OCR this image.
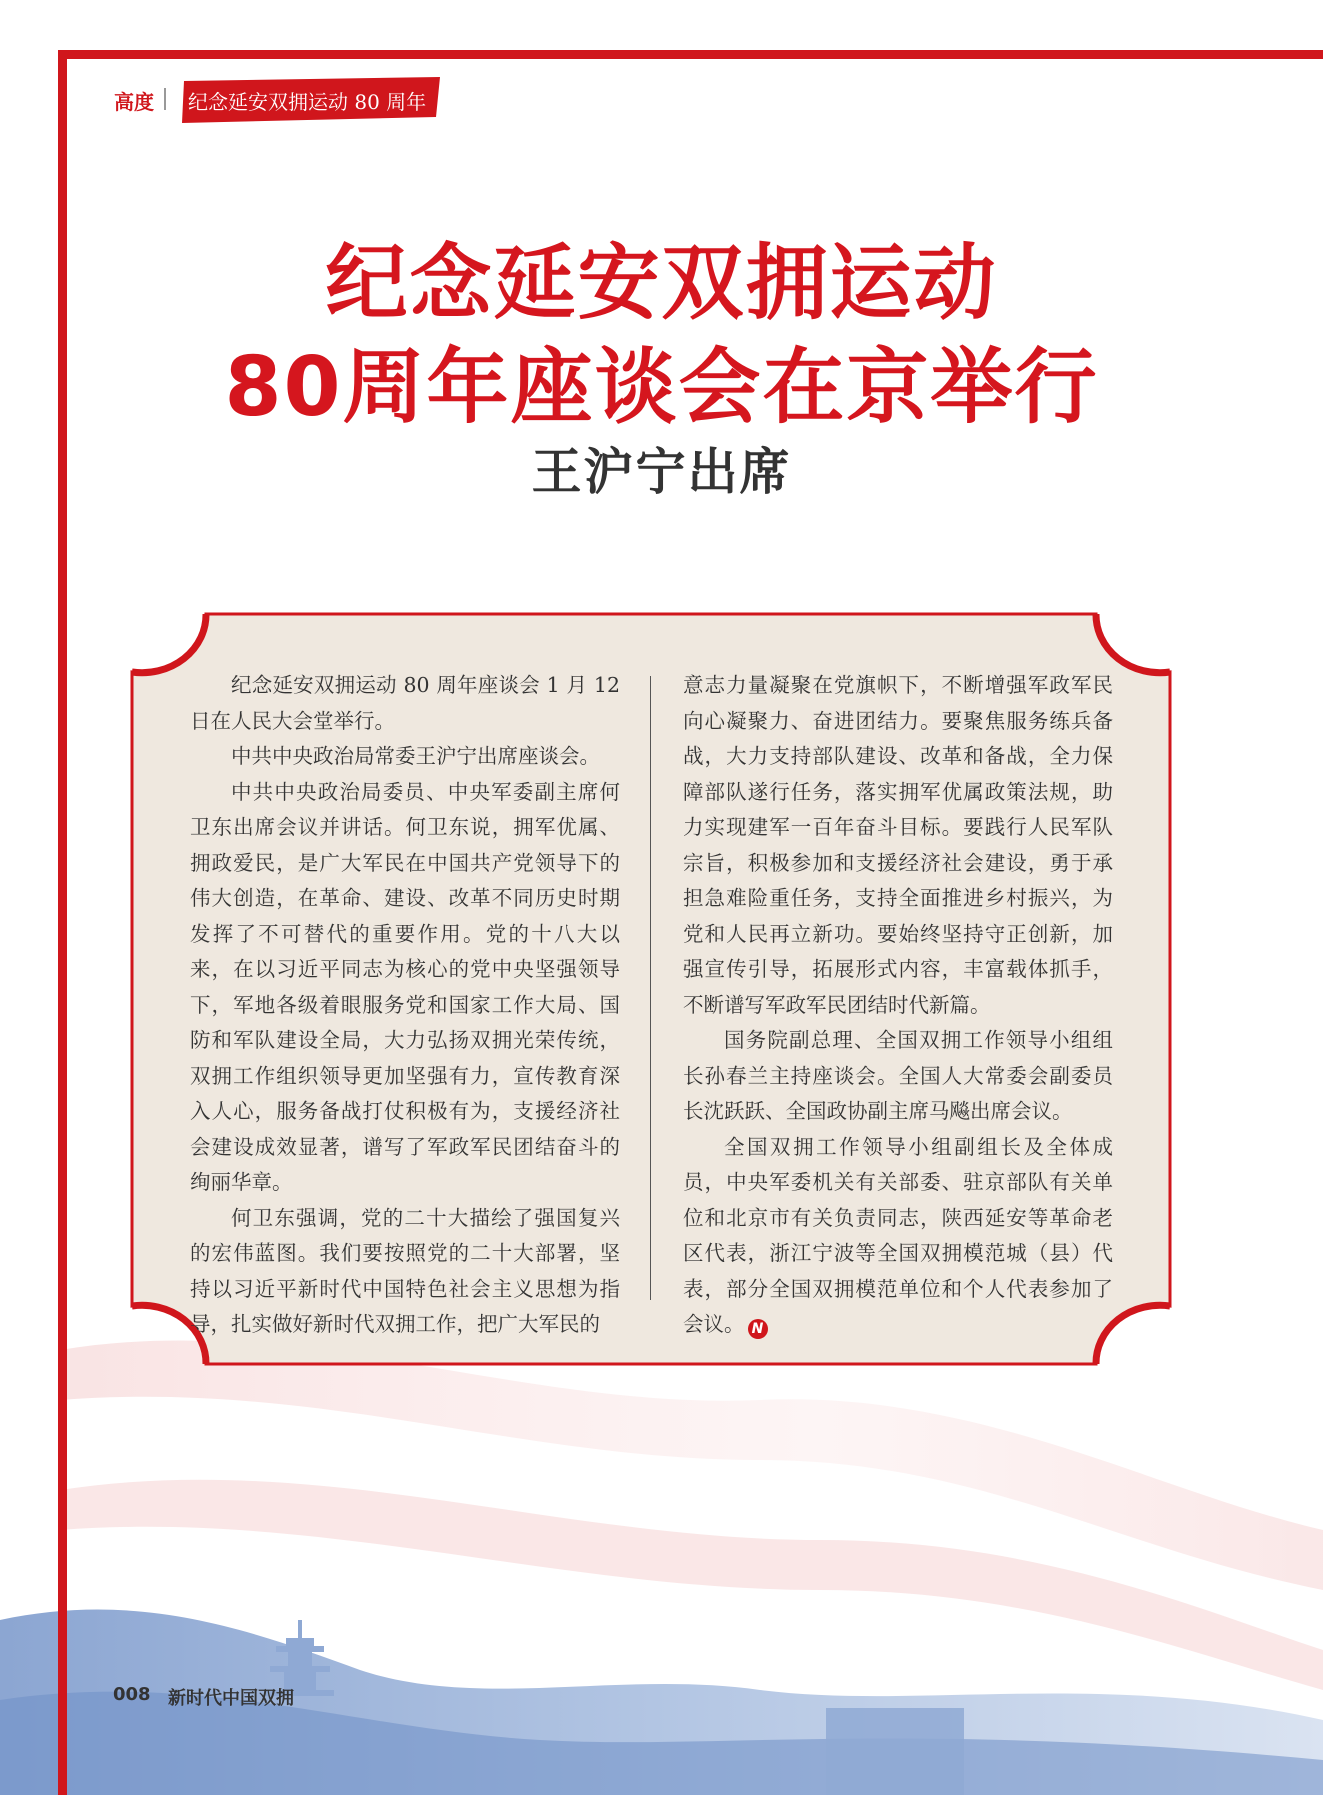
高度 纪念延安双拥运动 80 周年
纪念延安双拥运动
80周年座谈会在京举行
王沪宁出席

纪念延安双拥运动 80 周年座谈会 1 月 12 日在人民大会堂举行。

中共中央政治局常委王沪宁出席座谈会。

中共中央政治局委员、中央军委副主席何卫东出席会议并讲话。何卫东说，拥军优属、拥政爱民，是广大军民在中国共产党领导下的伟大创造，在革命、建设、改革不同历史时期发挥了不可替代的重要作用。党的十八大以来，在以习近平同志为核心的党中央坚强领导下，军地各级着眼服务党和国家工作大局、国防和军队建设全局，大力弘扬双拥光荣传统，双拥工作组织领导更加坚强有力，宣传教育深入人心，服务备战打仗积极有为，支援经济社会建设成效显著，谱写了军政军民团结奋斗的绚丽华章。

何卫东强调，党的二十大描绘了强国复兴的宏伟蓝图。我们要按照党的二十大部署，坚持以习近平新时代中国特色社会主义思想为指导，扎实做好新时代双拥工作，把广大军民的

意志力量凝聚在党旗帜下，不断增强军政军民向心凝聚力、奋进团结力。要聚焦服务练兵备战，大力支持部队建设、改革和备战，全力保障部队遂行任务，落实拥军优属政策法规，助力实现建军一百年奋斗目标。要践行人民军队宗旨，积极参加和支援经济社会建设，勇于承担急难险重任务，支持全面推进乡村振兴，为党和人民再立新功。要始终坚持守正创新，加强宣传引导，拓展形式内容，丰富载体抓手，不断谱写军政军民团结时代新篇。

国务院副总理、全国双拥工作领导小组组长孙春兰主持座谈会。全国人大常委会副委员长沈跃跃、全国政协副主席马飚出席会议。

全国双拥工作领导小组副组长及全体成员，中央军委机关有关部委、驻京部队有关单位和北京市有关负责同志，陕西延安等革命老区代表，浙江宁波等全国双拥模范城（县）代表，部分全国双拥模范单位和个人代表参加了会议。 N

008 新时代中国双拥
